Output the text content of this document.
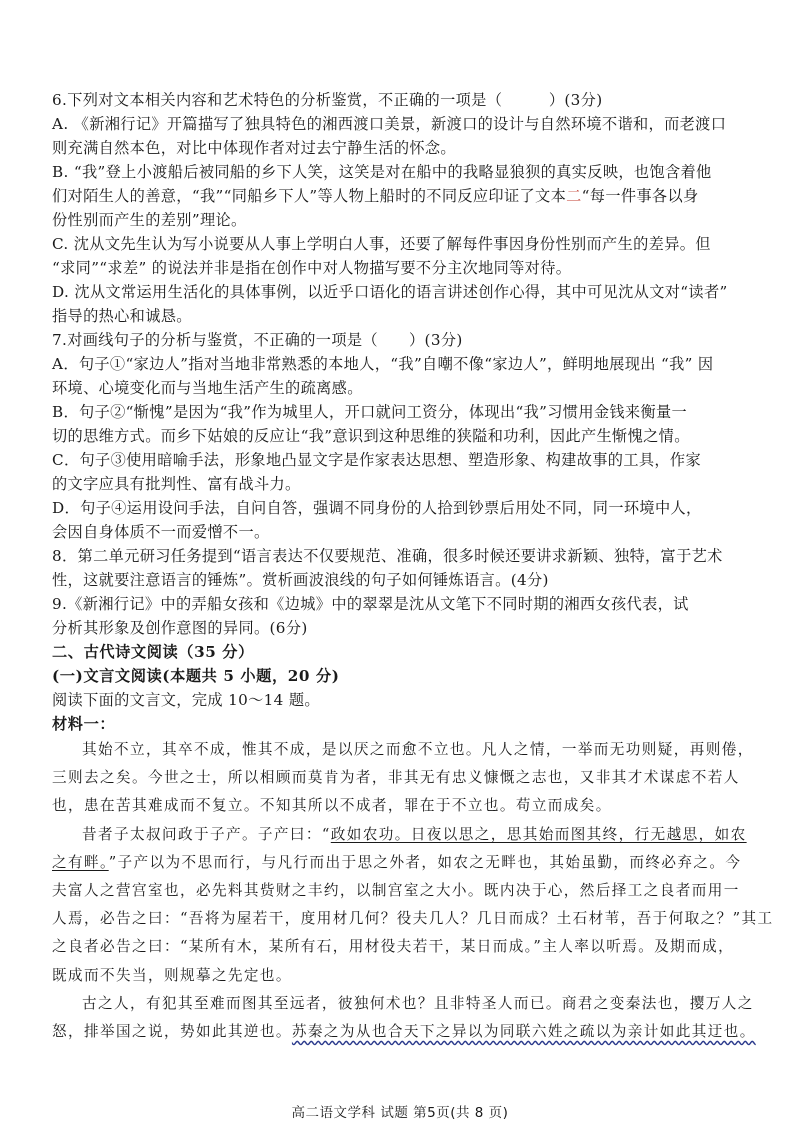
6.下列对文本相关内容和艺术特色的分析鉴赏，不正确的一项是（　　　）(3分)
A. 《新湘行记》开篇描写了独具特色的湘西渡口美景，新渡口的设计与自然环境不谐和，而老渡口
则充满自然本色，对比中体现作者对过去宁静生活的怀念。
B. “我”登上小渡船后被同船的乡下人笑，这笑是对在船中的我略显狼狈的真实反映，也饱含着他
们对陌生人的善意，“我”“同船乡下人”等人物上船时的不同反应印证了文本二“每一件事各以身
份性别而产生的差别”理论。
C. 沈从文先生认为写小说要从人事上学明白人事，还要了解每件事因身份性别而产生的差异。但
“求同”“求差” 的说法并非是指在创作中对人物描写要不分主次地同等对待。
D. 沈从文常运用生活化的具体事例，以近乎口语化的语言讲述创作心得，其中可见沈从文对“读者”
指导的热心和诚恳。
7.对画线句子的分析与鉴赏，不正确的一项是（　　）(3分)
A．句子①“家边人”指对当地非常熟悉的本地人，“我”自嘲不像“家边人”，鲜明地展现出 “我” 因
环境、心境变化而与当地生活产生的疏离感。
B．句子②“惭愧”是因为“我”作为城里人，开口就问工资分，体现出“我”习惯用金钱来衡量一
切的思维方式。而乡下姑娘的反应让“我”意识到这种思维的狭隘和功利，因此产生惭愧之情。
C．句子③使用暗喻手法，形象地凸显文字是作家表达思想、塑造形象、构建故事的工具，作家
的文字应具有批判性、富有战斗力。
D．句子④运用设问手法，自问自答，强调不同身份的人拾到钞票后用处不同，同一环境中人，
会因自身体质不一而爱憎不一。
8．第二单元研习任务提到“语言表达不仅要规范、准确，很多时候还要讲求新颖、独特，富于艺术
性，这就要注意语言的锤炼”。赏析画波浪线的句子如何锤炼语言。(4分)
9.《新湘行记》中的弄船女孩和《边城》中的翠翠是沈从文笔下不同时期的湘西女孩代表，试
分析其形象及创作意图的异同。(6分)
二、古代诗文阅读（35 分）
(一)文言文阅读(本题共 5 小题，20 分)
阅读下面的文言文，完成 10～14 题。
材料一：
其始不立，其卒不成，惟其不成，是以厌之而愈不立也。凡人之情，一举而无功则疑，再则倦，
三则去之矣。今世之士，所以相顾而莫肯为者，非其无有忠义慷慨之志也，又非其才术谋虑不若人
也，患在苦其难成而不复立。不知其所以不成者，罪在于不立也。苟立而成矣。
昔者子太叔问政于子产。子产曰：“政如农功。日夜以思之，思其始而图其终，行无越思，如农
之有畔。”子产以为不思而行，与凡行而出于思之外者，如农之无畔也，其始虽勤，而终必弃之。今
夫富人之营宫室也，必先料其赀财之丰约，以制宫室之大小。既内决于心，然后择工之良者而用一
人焉，必告之曰：“吾将为屋若干，度用材几何？役夫几人？几日而成？土石材苇，吾于何取之？”其工
之良者必告之曰：“某所有木，某所有石，用材役夫若干，某日而成。”主人率以听焉。及期而成，
既成而不失当，则规摹之先定也。
古之人，有犯其至难而图其至远者，彼独何术也？且非特圣人而已。商君之变秦法也，撄万人之
怒，排举国之说，势如此其逆也。苏秦之为从也合天下之异以为同联六姓之疏以为亲计如此其迂也。
高二语文学科 试题 第5页(共 8 页)
